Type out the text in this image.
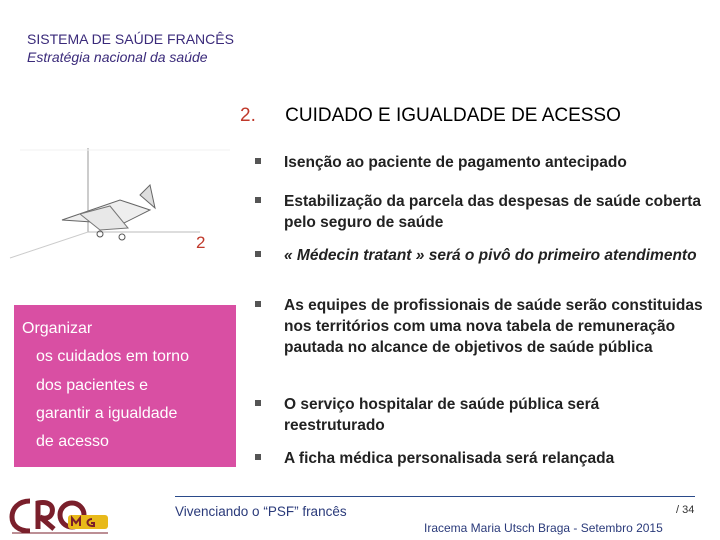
SISTEMA DE SAÚDE FRANCÊS
Estratégia nacional da saúde
2. CUIDADO E IGUALDADE DE ACESSO
2
Organizar
os cuidados em torno
dos pacientes e
garantir a igualdade
de acesso
Isenção ao paciente de pagamento antecipado
Estabilização da parcela das despesas de saúde coberta pelo seguro de saúde
« Médecin tratant » será o pivô do primeiro atendimento
As equipes de profissionais de saúde serão constituidas nos territórios com uma nova tabela de remuneração pautada no alcance de objetivos de saúde pública
O serviço hospitalar de saúde pública será reestruturado
A ficha médica personalisada será relançada
Vivenciando o “PSF” francês	/ 34
Iracema Maria Utsch Braga - Setembro 2015
